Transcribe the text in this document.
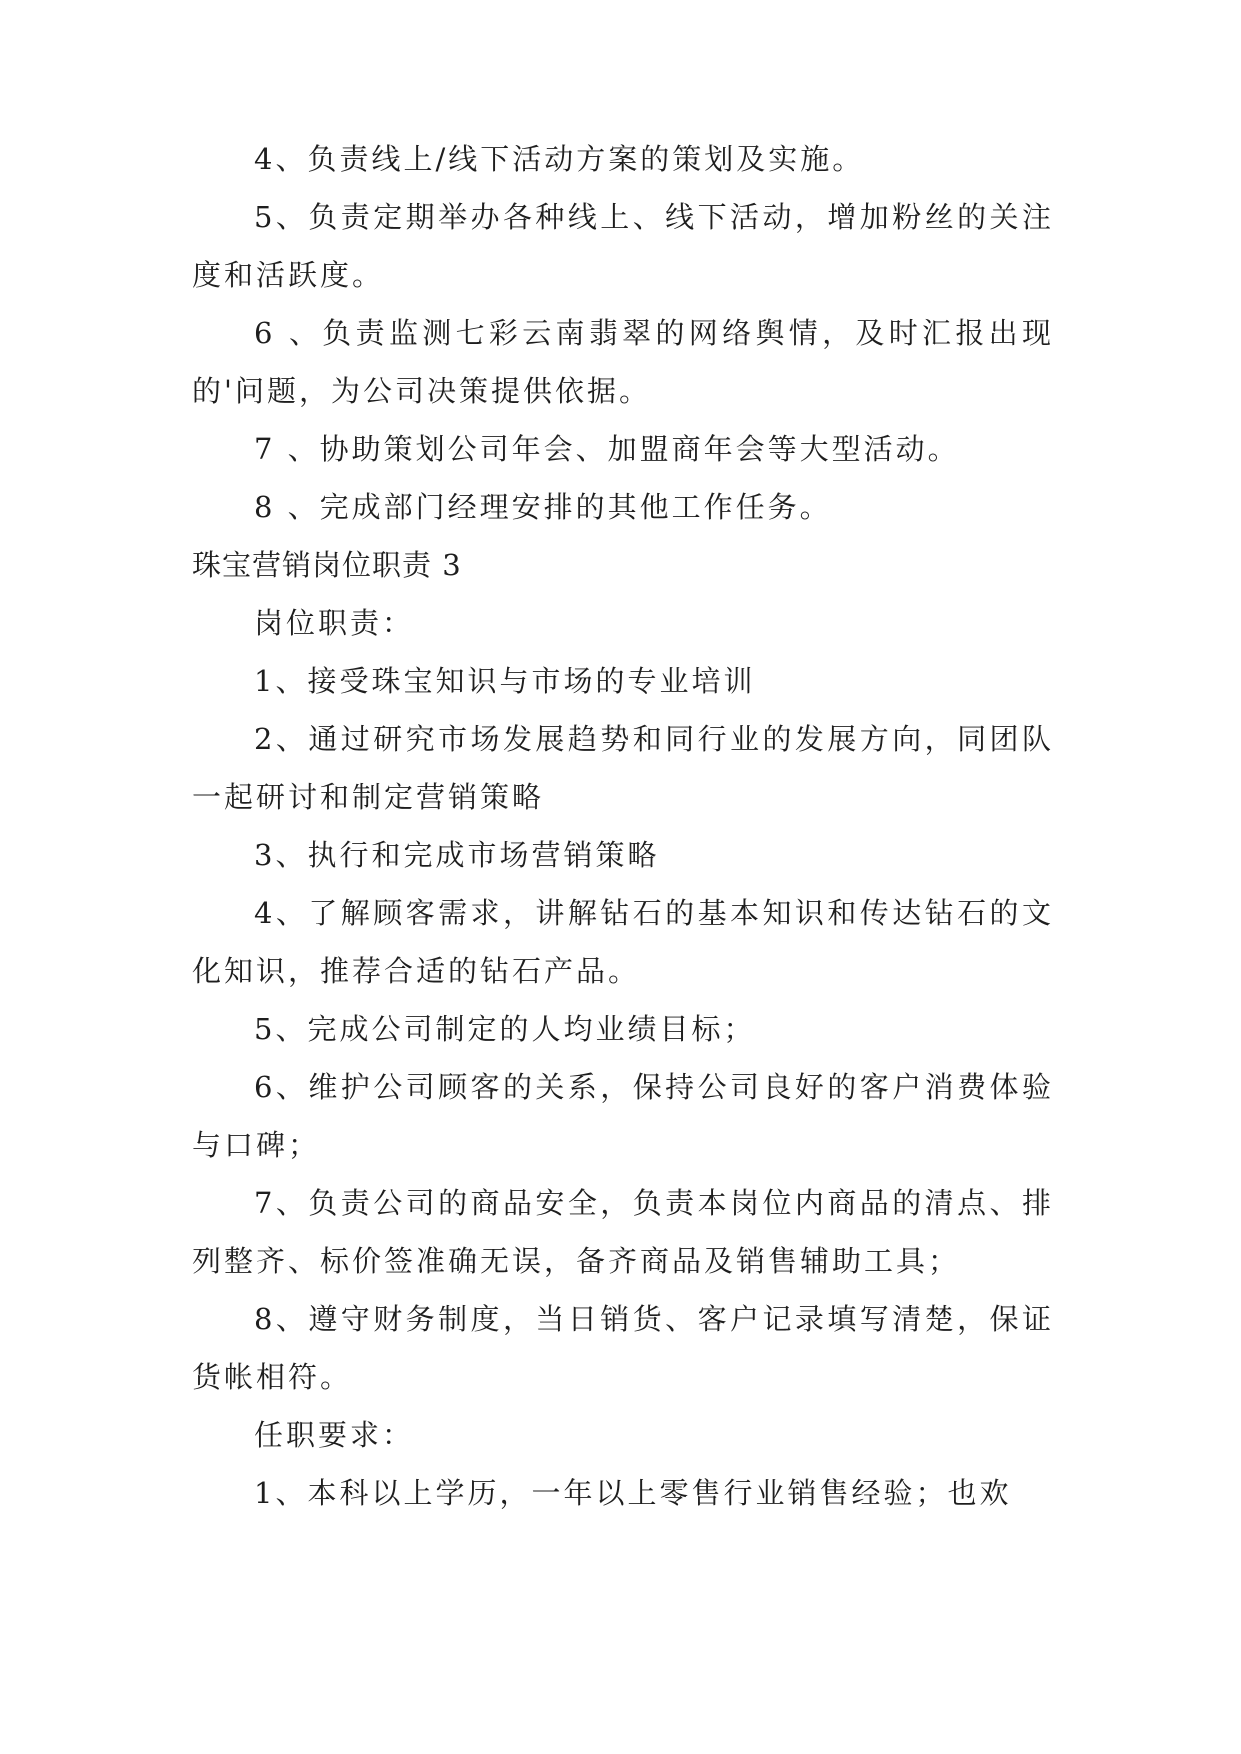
4、负责线上/线下活动方案的策划及实施。

5、负责定期举办各种线上、线下活动，增加粉丝的关注度和活跃度。

6 、负责监测七彩云南翡翠的网络舆情，及时汇报出现的'问题，为公司决策提供依据。

7 、协助策划公司年会、加盟商年会等大型活动。

8 、完成部门经理安排的其他工作任务。

珠宝营销岗位职责 3

岗位职责：

1、接受珠宝知识与市场的专业培训

2、通过研究市场发展趋势和同行业的发展方向，同团队一起研讨和制定营销策略

3、执行和完成市场营销策略

4、了解顾客需求，讲解钻石的基本知识和传达钻石的文化知识，推荐合适的钻石产品。

5、完成公司制定的人均业绩目标；

6、维护公司顾客的关系，保持公司良好的客户消费体验与口碑；

7、负责公司的商品安全，负责本岗位内商品的清点、排列整齐、标价签准确无误，备齐商品及销售辅助工具；

8、遵守财务制度，当日销货、客户记录填写清楚，保证货帐相符。

任职要求：

1、本科以上学历，一年以上零售行业销售经验；也欢
